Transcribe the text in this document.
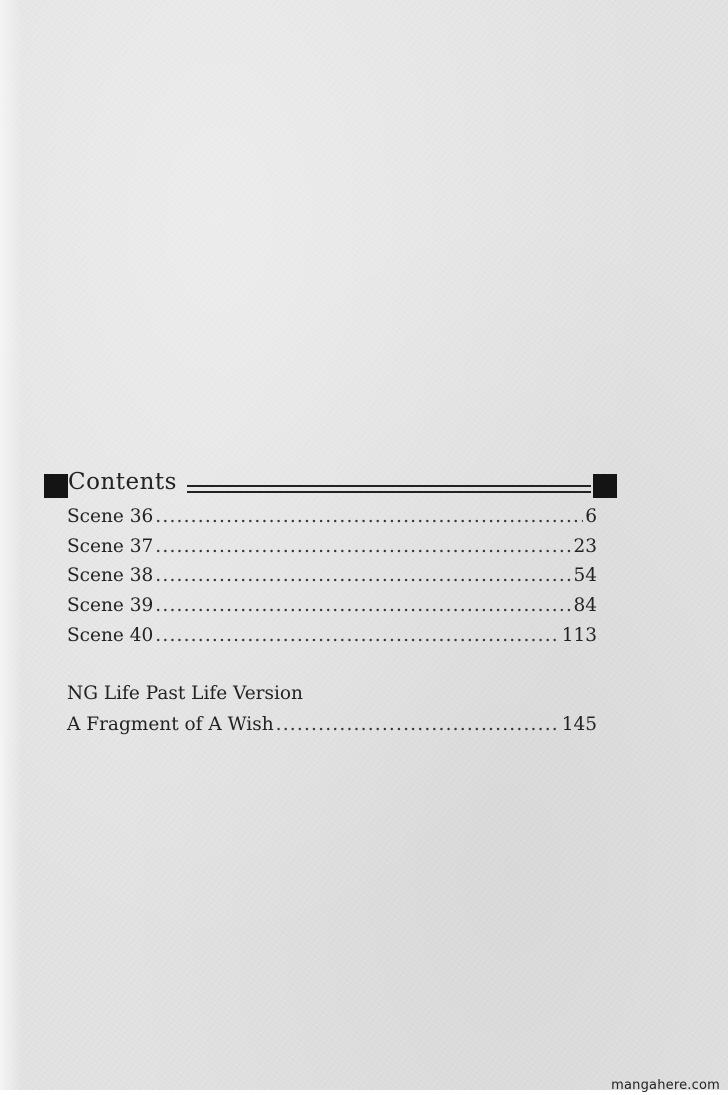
Contents
Scene 36 .....	6
Scene 37 .....	23
Scene 38 .....	54
Scene 39 .....	84
Scene 40 .....	113
NG Life Past Life Version
A Fragment of A Wish .....	145
mangahere.com
